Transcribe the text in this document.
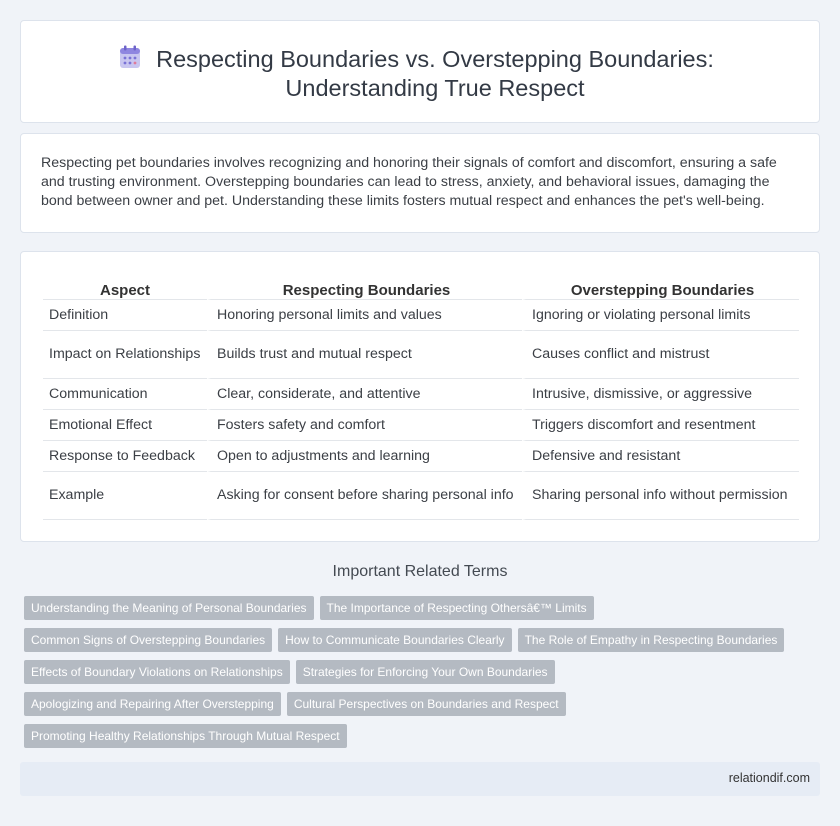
Respecting Boundaries vs. Overstepping Boundaries:
Understanding True Respect

Respecting pet boundaries involves recognizing and honoring their signals of comfort and discomfort, ensuring a safe and trusting environment. Overstepping boundaries can lead to stress, anxiety, and behavioral issues, damaging the bond between owner and pet. Understanding these limits fosters mutual respect and enhances the pet's well-being.

Aspect	Respecting Boundaries	Overstepping Boundaries
Definition	Honoring personal limits and values	Ignoring or violating personal limits
Impact on Relationships	Builds trust and mutual respect	Causes conflict and mistrust
Communication	Clear, considerate, and attentive	Intrusive, dismissive, or aggressive
Emotional Effect	Fosters safety and comfort	Triggers discomfort and resentment
Response to Feedback	Open to adjustments and learning	Defensive and resistant
Example	Asking for consent before sharing personal info	Sharing personal info without permission
Important Related Terms
Understanding the Meaning of Personal Boundaries	The Importance of Respecting Othersâ€™ Limits
Common Signs of Overstepping Boundaries	How to Communicate Boundaries Clearly	The Role of Empathy in Respecting Boundaries
Effects of Boundary Violations on Relationships	Strategies for Enforcing Your Own Boundaries
Apologizing and Repairing After Overstepping	Cultural Perspectives on Boundaries and Respect
Promoting Healthy Relationships Through Mutual Respect
relationdif.com
